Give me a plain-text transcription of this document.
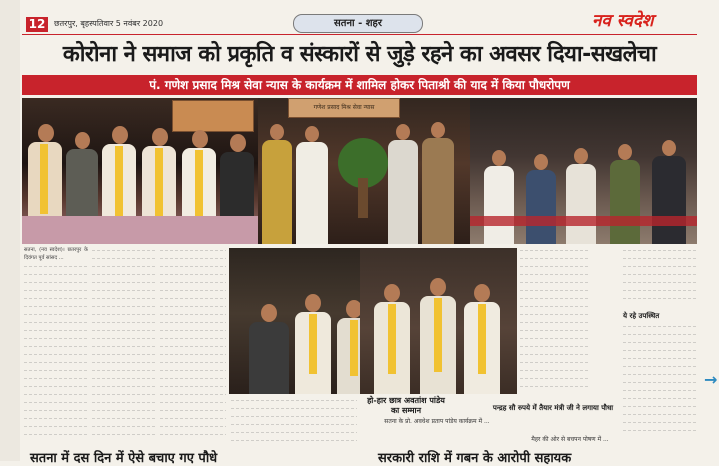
12	छतरपुर, बृहस्पतिवार 5 नवंबर 2020	सतना - शहर	नव स्वदेश
कोरोना ने समाज को प्रकृति व संस्कारों से जुड़े रहने का अवसर दिया-सखलेचा
पं. गणेश प्रसाद मिश्र सेवा न्यास के कार्यक्रम में शामिल होकर पिताश्री की याद में किया पौधरोपण
गणेश प्रसाद मिश्र सेवा न्यास
सतना, (नव स्वदेश)। छतरपुर के दिवंगत पूर्व सांसद ...
ये रहे उपस्थित
हो-हार छात्र अवतांश पांडेय का सम्मान
सतना के प्रो. अवधेश प्रताप पांडेय कार्यक्रम में ...
पन्द्रह सौ रुपये में तैयार मंत्री जी ने लगाया पौधा
मैहर की ओर से बचपन पोषण में ...
सतना में दस दिन में ऐसे बचाए गए पौधे	सरकारी राशि में गबन के आरोपी सहायक
→
